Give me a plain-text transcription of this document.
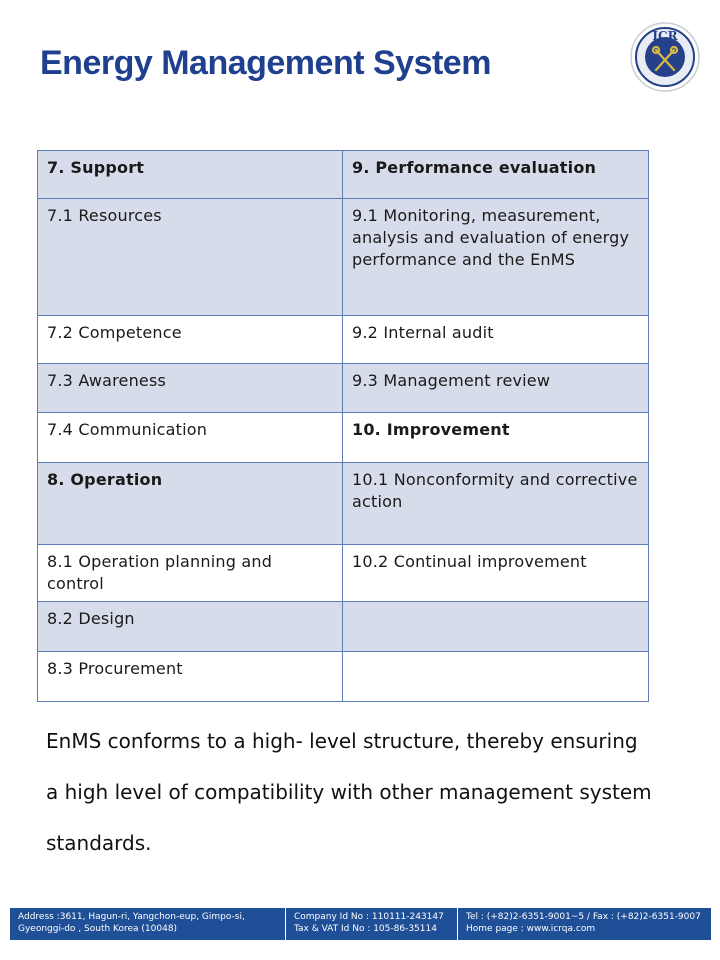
Energy Management System
ICR
7. Support	9. Performance evaluation
7.1 Resources	9.1 Monitoring, measurement, analysis and evaluation of energy performance and the EnMS
7.2 Competence	9.2 Internal audit
7.3 Awareness	9.3 Management review
7.4 Communication	10. Improvement
8. Operation	10.1 Nonconformity and corrective action
8.1 Operation planning and control	10.2 Continual improvement
8.2 Design	
8.3 Procurement	
EnMS conforms to a high- level structure, thereby ensuring a high level of compatibility with other management system standards.
Address :3611, Hagun-ri, Yangchon-eup, Gimpo-si,
Gyeonggi-do , South Korea (10048)
Company Id No : 110111-243147
Tax & VAT Id No : 105-86-35114
Tel : (+82)2-6351-9001~5 / Fax : (+82)2-6351-9007
Home page : www.icrqa.com
